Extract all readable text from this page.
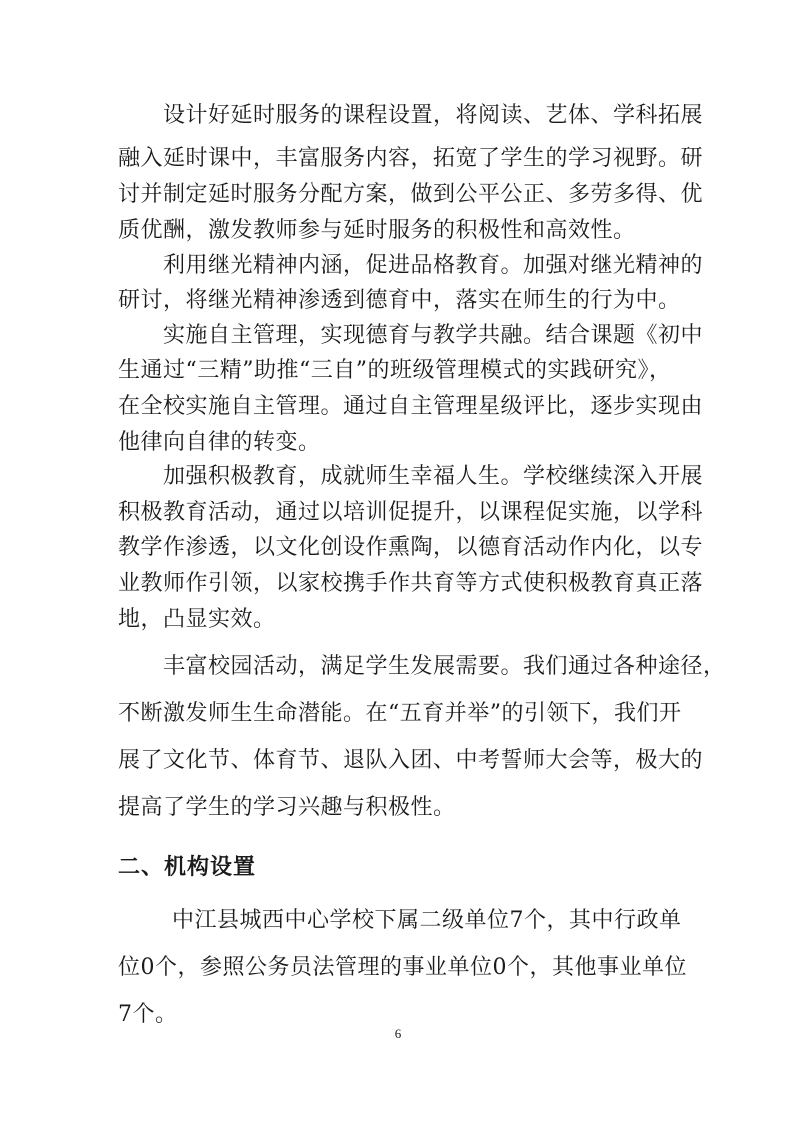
设计好延时服务的课程设置，将阅读、艺体、学科拓展
融入延时课中，丰富服务内容，拓宽了学生的学习视野。研
讨并制定延时服务分配方案，做到公平公正、多劳多得、优
质优酬，激发教师参与延时服务的积极性和高效性。
利用继光精神内涵，促进品格教育。加强对继光精神的
研讨，将继光精神渗透到德育中，落实在师生的行为中。
实施自主管理，实现德育与教学共融。结合课题《初中
生通过“三精”助推“三自”的班级管理模式的实践研究》，
在全校实施自主管理。通过自主管理星级评比，逐步实现由
他律向自律的转变。
加强积极教育，成就师生幸福人生。学校继续深入开展
积极教育活动，通过以培训促提升，以课程促实施，以学科
教学作渗透，以文化创设作熏陶，以德育活动作内化，以专
业教师作引领，以家校携手作共育等方式使积极教育真正落
地，凸显实效。
丰富校园活动，满足学生发展需要。我们通过各种途径，
不断激发师生生命潜能。在“五育并举”的引领下，我们开
展了文化节、体育节、退队入团、中考誓师大会等，极大的
提高了学生的学习兴趣与积极性。
二、机构设置
中江县城西中心学校下属二级单位7个，其中行政单
位0个，参照公务员法管理的事业单位0个，其他事业单位
7个。
6
